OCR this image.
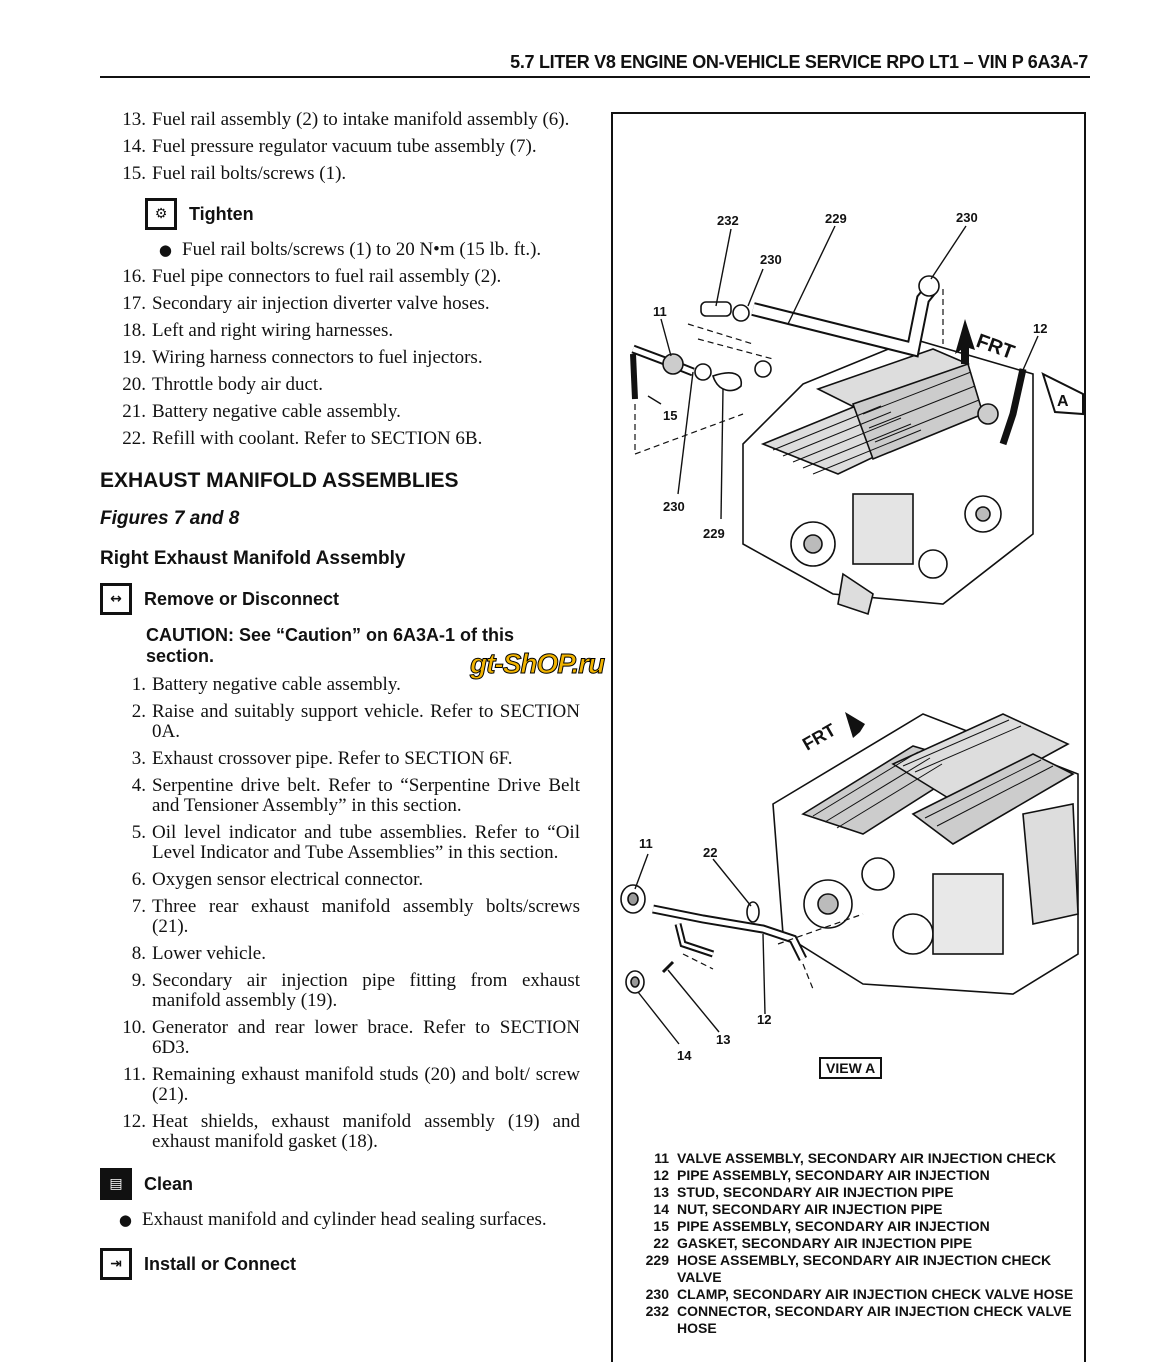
5.7 LITER V8 ENGINE ON-VEHICLE SERVICE RPO LT1 – VIN P 6A3A-7
13. Fuel rail assembly (2) to intake manifold assembly (6).
14. Fuel pressure regulator vacuum tube assembly (7).
15. Fuel rail bolts/screws (1).
⚙	Tighten
● Fuel rail bolts/screws (1) to 20 N•m (15 lb. ft.).
16. Fuel pipe connectors to fuel rail assembly (2).
17. Secondary air injection diverter valve hoses.
18. Left and right wiring harnesses.
19. Wiring harness connectors to fuel injectors.
20. Throttle body air duct.
21. Battery negative cable assembly.
22. Refill with coolant. Refer to SECTION 6B.
EXHAUST MANIFOLD ASSEMBLIES
Figures 7 and 8
Right Exhaust Manifold Assembly
↔	Remove or Disconnect
CAUTION: See “Caution” on 6A3A-1 of this section.
1. Battery negative cable assembly.
2. Raise and suitably support vehicle. Refer to SECTION 0A.
3. Exhaust crossover pipe. Refer to SECTION 6F.
4. Serpentine drive belt. Refer to “Serpentine Drive Belt and Tensioner Assembly” in this section.
5. Oil level indicator and tube assemblies. Refer to “Oil Level Indicator and Tube Assemblies” in this section.
6. Oxygen sensor electrical connector.
7. Three rear exhaust manifold assembly bolts/screws (21).
8. Lower vehicle.
9. Secondary air injection pipe fitting from exhaust manifold assembly (19).
10. Generator and rear lower brace. Refer to SECTION 6D3.
11. Remaining exhaust manifold studs (20) and bolt/ screw (21).
12. Heat shields, exhaust manifold assembly (19) and exhaust manifold gasket (18).
▤	Clean
● Exhaust manifold and cylinder head sealing surfaces.
⇥	Install or Connect
FRT
A
232	229	230
230
11
12
15
230
229
FRT
11
22
12
13
14
VIEW A
11 VALVE ASSEMBLY, SECONDARY AIR INJECTION CHECK
12 PIPE ASSEMBLY, SECONDARY AIR INJECTION
13 STUD, SECONDARY AIR INJECTION PIPE
14 NUT, SECONDARY AIR INJECTION PIPE
15 PIPE ASSEMBLY, SECONDARY AIR INJECTION
22 GASKET, SECONDARY AIR INJECTION PIPE
229 HOSE ASSEMBLY, SECONDARY AIR INJECTION CHECK VALVE
230 CLAMP, SECONDARY AIR INJECTION CHECK VALVE HOSE
232 CONNECTOR, SECONDARY AIR INJECTION CHECK VALVE HOSE
gt-ShOP.ru
